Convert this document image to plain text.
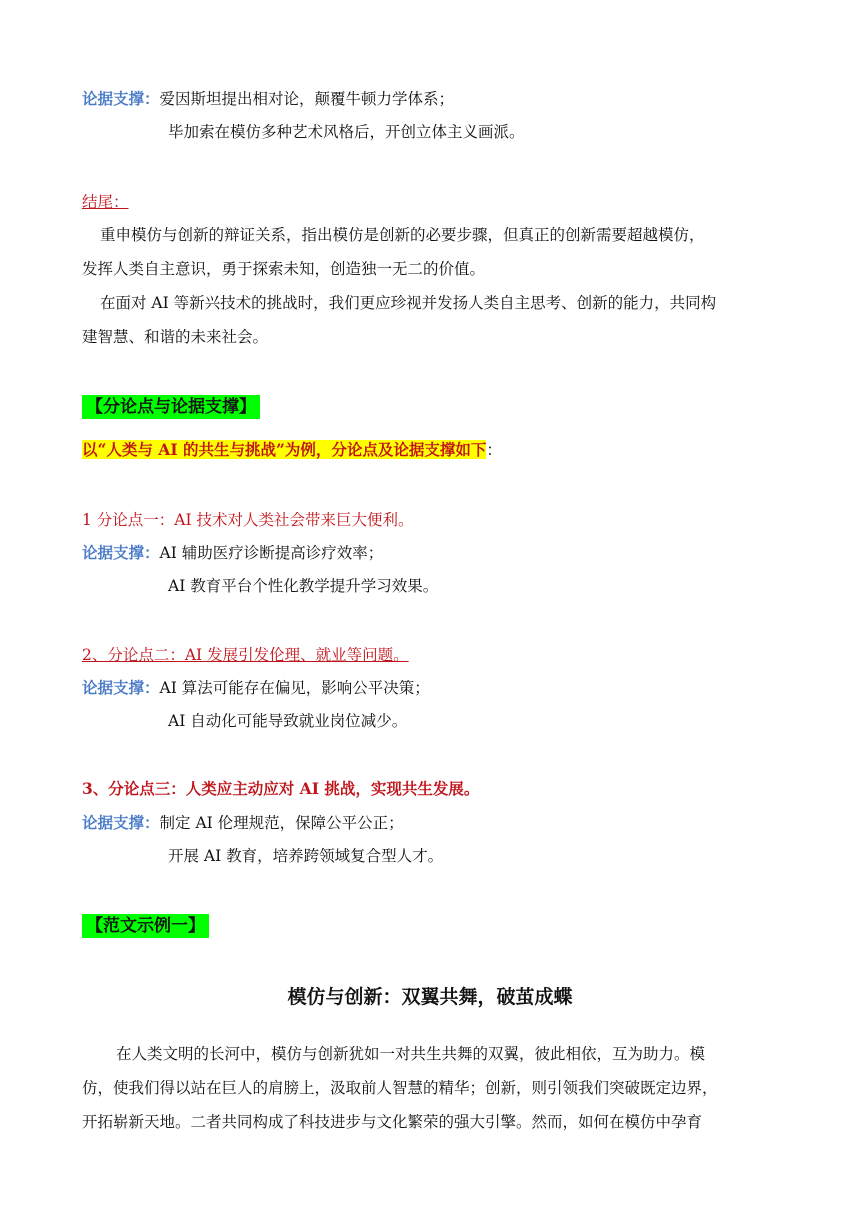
论据支撑：爱因斯坦提出相对论，颠覆牛顿力学体系；
毕加索在模仿多种艺术风格后，开创立体主义画派。
结尾：
重申模仿与创新的辩证关系，指出模仿是创新的必要步骤，但真正的创新需要超越模仿，
发挥人类自主意识，勇于探索未知，创造独一无二的价值。
在面对 AI 等新兴技术的挑战时，我们更应珍视并发扬人类自主思考、创新的能力，共同构
建智慧、和谐的未来社会。
【分论点与论据支撑】
以“人类与 AI 的共生与挑战”为例，分论点及论据支撑如下：
1 分论点一：AI 技术对人类社会带来巨大便利。
论据支撑：AI 辅助医疗诊断提高诊疗效率；
AI 教育平台个性化教学提升学习效果。
2、分论点二：AI 发展引发伦理、就业等问题。
论据支撑：AI 算法可能存在偏见，影响公平决策；
AI 自动化可能导致就业岗位减少。
3、分论点三：人类应主动应对 AI 挑战，实现共生发展。
论据支撑：制定 AI 伦理规范，保障公平公正；
开展 AI 教育，培养跨领域复合型人才。
【范文示例一】
模仿与创新：双翼共舞，破茧成蝶
在人类文明的长河中，模仿与创新犹如一对共生共舞的双翼，彼此相依，互为助力。模
仿，使我们得以站在巨人的肩膀上，汲取前人智慧的精华；创新，则引领我们突破既定边界，
开拓崭新天地。二者共同构成了科技进步与文化繁荣的强大引擎。然而，如何在模仿中孕育
